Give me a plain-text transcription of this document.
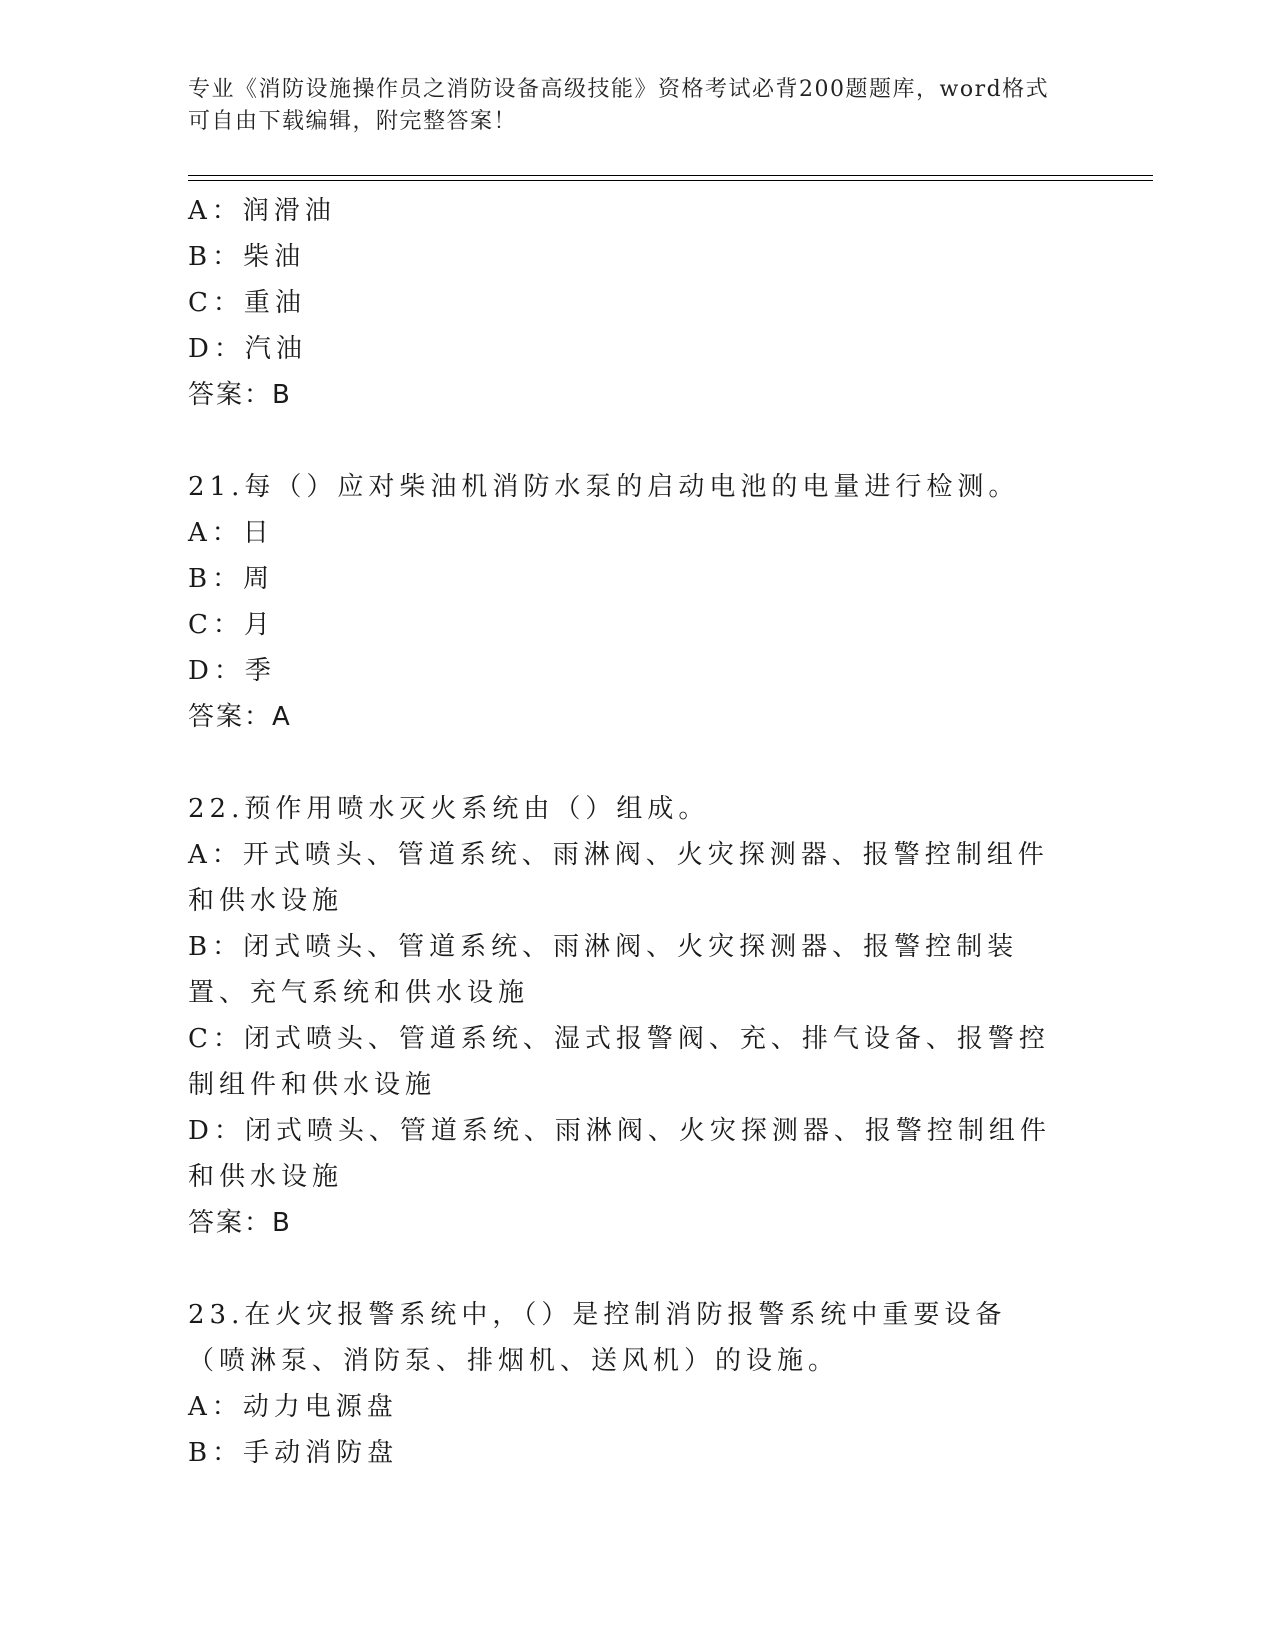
专业《消防设施操作员之消防设备高级技能》资格考试必背200题题库，word格式可自由下载编辑，附完整答案！
A：润滑油
B：柴油
C：重油
D：汽油
答案：B
21.每（）应对柴油机消防水泵的启动电池的电量进行检测。
A：日
B：周
C：月
D：季
答案：A
22.预作用喷水灭火系统由（）组成。
A：开式喷头、管道系统、雨淋阀、火灾探测器、报警控制组件和供水设施
B：闭式喷头、管道系统、雨淋阀、火灾探测器、报警控制装置、充气系统和供水设施
C：闭式喷头、管道系统、湿式报警阀、充、排气设备、报警控制组件和供水设施
D：闭式喷头、管道系统、雨淋阀、火灾探测器、报警控制组件和供水设施
答案：B
23.在火灾报警系统中，（）是控制消防报警系统中重要设备（喷淋泵、消防泵、排烟机、送风机）的设施。
A：动力电源盘
B：手动消防盘
